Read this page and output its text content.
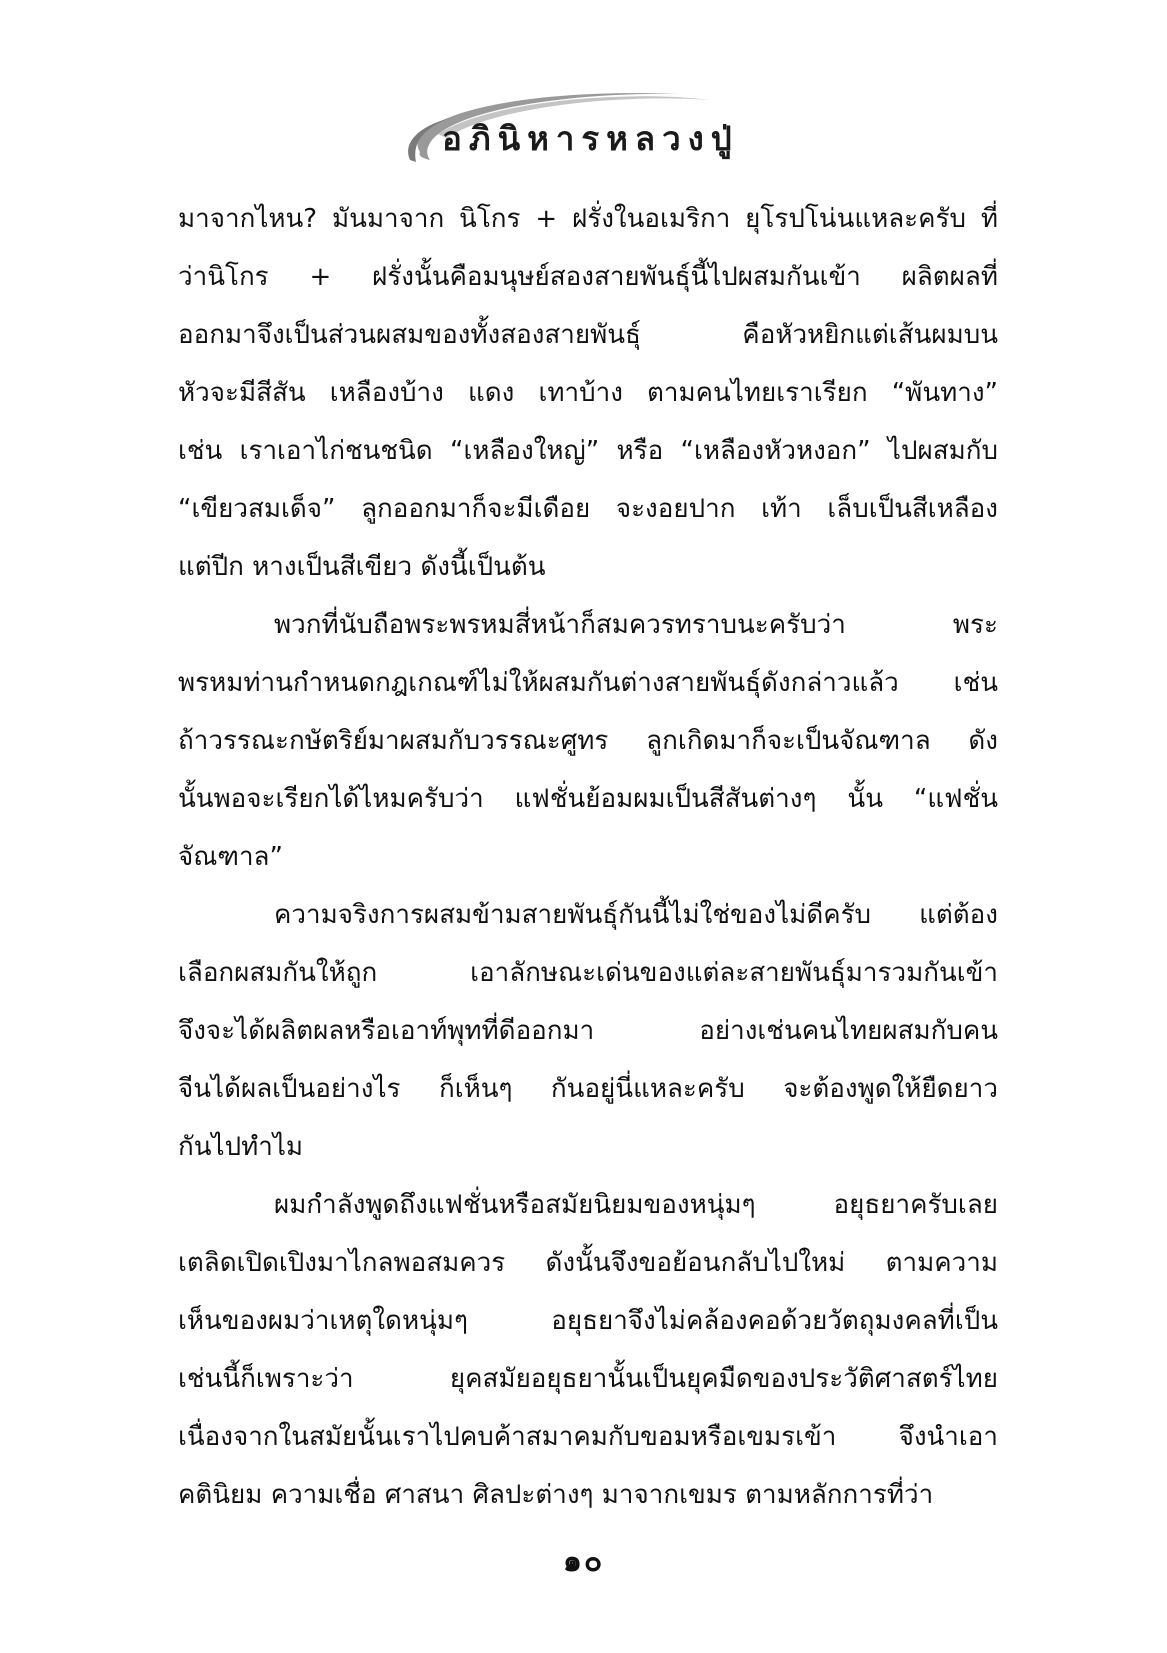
อภินิหารหลวงปู่
มาจากไหน? มันมาจาก นิโกร + ฝรั่งในอเมริกา ยุโรปโน่นแหละครับ ที่
ว่านิโกร + ฝรั่งนั้นคือมนุษย์สองสายพันธุ์นี้ไปผสมกันเข้า ผลิตผลที่
ออกมาจึงเป็นส่วนผสมของทั้งสองสายพันธุ์ คือหัวหยิกแต่เส้นผมบน
หัวจะมีสีสัน เหลืองบ้าง แดง เทาบ้าง ตามคนไทยเราเรียก “พันทาง”
เช่น เราเอาไก่ชนชนิด “เหลืองใหญ่” หรือ “เหลืองหัวหงอก” ไปผสมกับ
“เขียวสมเด็จ” ลูกออกมาก็จะมีเดือย จะงอยปาก เท้า เล็บเป็นสีเหลือง
แต่ปีก หางเป็นสีเขียว ดังนี้เป็นต้น
พวกที่นับถือพระพรหมสี่หน้าก็สมควรทราบนะครับว่า พระ
พรหมท่านกำหนดกฎเกณฑ์ไม่ให้ผสมกันต่างสายพันธุ์ดังกล่าวแล้ว เช่น
ถ้าวรรณะกษัตริย์มาผสมกับวรรณะศูทร ลูกเกิดมาก็จะเป็นจัณฑาล ดัง
นั้นพอจะเรียกได้ไหมครับว่า แฟชั่นย้อมผมเป็นสีสันต่างๆ นั้น “แฟชั่น
จัณฑาล”
ความจริงการผสมข้ามสายพันธุ์กันนี้ไม่ใช่ของไม่ดีครับ แต่ต้อง
เลือกผสมกันให้ถูก เอาลักษณะเด่นของแต่ละสายพันธุ์มารวมกันเข้า
จึงจะได้ผลิตผลหรือเอาท์พุทที่ดีออกมา อย่างเช่นคนไทยผสมกับคน
จีนได้ผลเป็นอย่างไร ก็เห็นๆ กันอยู่นี่แหละครับ จะต้องพูดให้ยืดยาว
กันไปทำไม
ผมกำลังพูดถึงแฟชั่นหรือสมัยนิยมของหนุ่มๆ อยุธยาครับเลย
เตลิดเปิดเปิงมาไกลพอสมควร ดังนั้นจึงขอย้อนกลับไปใหม่ ตามความ
เห็นของผมว่าเหตุใดหนุ่มๆ อยุธยาจึงไม่คล้องคอด้วยวัตถุมงคลที่เป็น
เช่นนี้ก็เพราะว่า ยุคสมัยอยุธยานั้นเป็นยุคมืดของประวัติศาสตร์ไทย
เนื่องจากในสมัยนั้นเราไปคบค้าสมาคมกับขอมหรือเขมรเข้า จึงนำเอา
คตินิยม ความเชื่อ ศาสนา ศิลปะต่างๆ มาจากเขมร ตามหลักการที่ว่า
๑๐
